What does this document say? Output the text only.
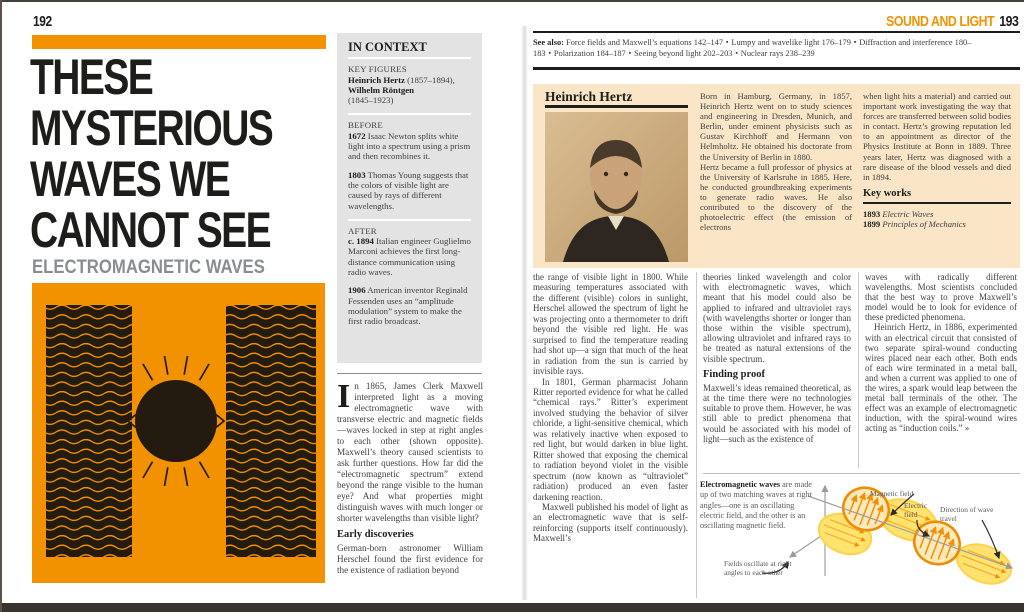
192
THESE
MYSTERIOUS
WAVES WE
CANNOT SEE
ELECTROMAGNETIC WAVES
IN CONTEXT
KEY FIGURES

Heinrich Hertz (1857–1894),
Wilhelm Röntgen
(1845–1923)

BEFORE

1672 Isaac Newton splits white light into a spectrum using a prism and then recombines it.

1803 Thomas Young suggests that the colors of visible light are caused by rays of different wavelengths.

AFTER

c. 1894 Italian engineer Guglielmo Marconi achieves the first long-distance communication using radio waves.

1906 American inventor Reginald Fessenden uses an “amplitude modulation” system to make the first radio broadcast.

In 1865, James Clerk Maxwell interpreted light as a moving electromagnetic wave with transverse electric and magnetic fields—waves locked in step at right angles to each other (shown opposite). Maxwell’s theory caused scientists to ask further questions. How far did the “electromagnetic spectrum” extend beyond the range visible to the human eye? And what properties might distinguish waves with much longer or shorter wavelengths than visible light?

Early discoveries

German-born astronomer William Herschel found the first evidence for the existence of radiation beyond

SOUND AND LIGHT 193
See also: Force fields and Maxwell’s equations 142–147 ▪ Lumpy and wavelike light 176–179 ▪ Diffraction and interference 180–183 ▪ Polarization 184–187 ▪ Seeing beyond light 202–203 ▪ Nuclear rays 238–239
Heinrich Hertz	Born in Hamburg, Germany, in 1857, Heinrich Hertz went on to study sciences and engineering in Dresden, Munich, and Berlin, under eminent physicists such as Gustav Kirchhoff and Hermann von Helmholtz. He obtained his doctorate from the University of Berlin in 1880.

Hertz became a full professor of physics at the University of Karlsruhe in 1885. Here, he conducted groundbreaking experiments to generate radio waves. He also contributed to the discovery of the photoelectric effect (the emission of electrons

when light hits a material) and carried out important work investigating the way that forces are transferred between solid bodies in contact. Hertz’s growing reputation led to an appointment as director of the Physics Institute at Bonn in 1889. Three years later, Hertz was diagnosed with a rare disease of the blood vessels and died in 1894.

Key works
1893 Electric Waves
1899 Principles of Mechanics

the range of visible light in 1800. While measuring temperatures associated with the different (visible) colors in sunlight, Herschel allowed the spectrum of light he was projecting onto a thermometer to drift beyond the visible red light. He was surprised to find the temperature reading had shot up—a sign that much of the heat in radiation from the sun is carried by invisible rays.

In 1801, German pharmacist Johann Ritter reported evidence for what he called “chemical rays.” Ritter’s experiment involved studying the behavior of silver chloride, a light-sensitive chemical, which was relatively inactive when exposed to red light, but would darken in blue light. Ritter showed that exposing the chemical to radiation beyond violet in the visible spectrum (now known as “ultraviolet” radiation) produced an even faster darkening reaction.

Maxwell published his model of light as an electromagnetic wave that is self-reinforcing (supports itself continuously). Maxwell’s

theories linked wavelength and color with electromagnetic waves, which meant that his model could also be applied to infrared and ultraviolet rays (with wavelengths shorter or longer than those within the visible spectrum), allowing ultraviolet and infrared rays to be treated as natural extensions of the visible spectrum.

Finding proof

Maxwell’s ideas remained theoretical, as at the time there were no technologies suitable to prove them. However, he was still able to predict phenomena that would be associated with his model of light—such as the existence of

waves with radically different wavelengths. Most scientists concluded that the best way to prove Maxwell’s model would be to look for evidence of these predicted phenomena.

Heinrich Hertz, in 1886, experimented with an electrical circuit that consisted of two separate spiral-wound conducting wires placed near each other. Both ends of each wire terminated in a metal ball, and when a current was applied to one of the wires, a spark would leap between the metal ball terminals of the other. The effect was an example of electromagnetic induction, with the spiral-wound wires acting as “induction coils.” »

Electromagnetic waves are made up of two matching waves at right angles—one is an oscillating electric field, and the other is an oscillating magnetic field.
Magnetic field
Electric field
Direction of wave travel
Fields oscillate at right angles to each other
